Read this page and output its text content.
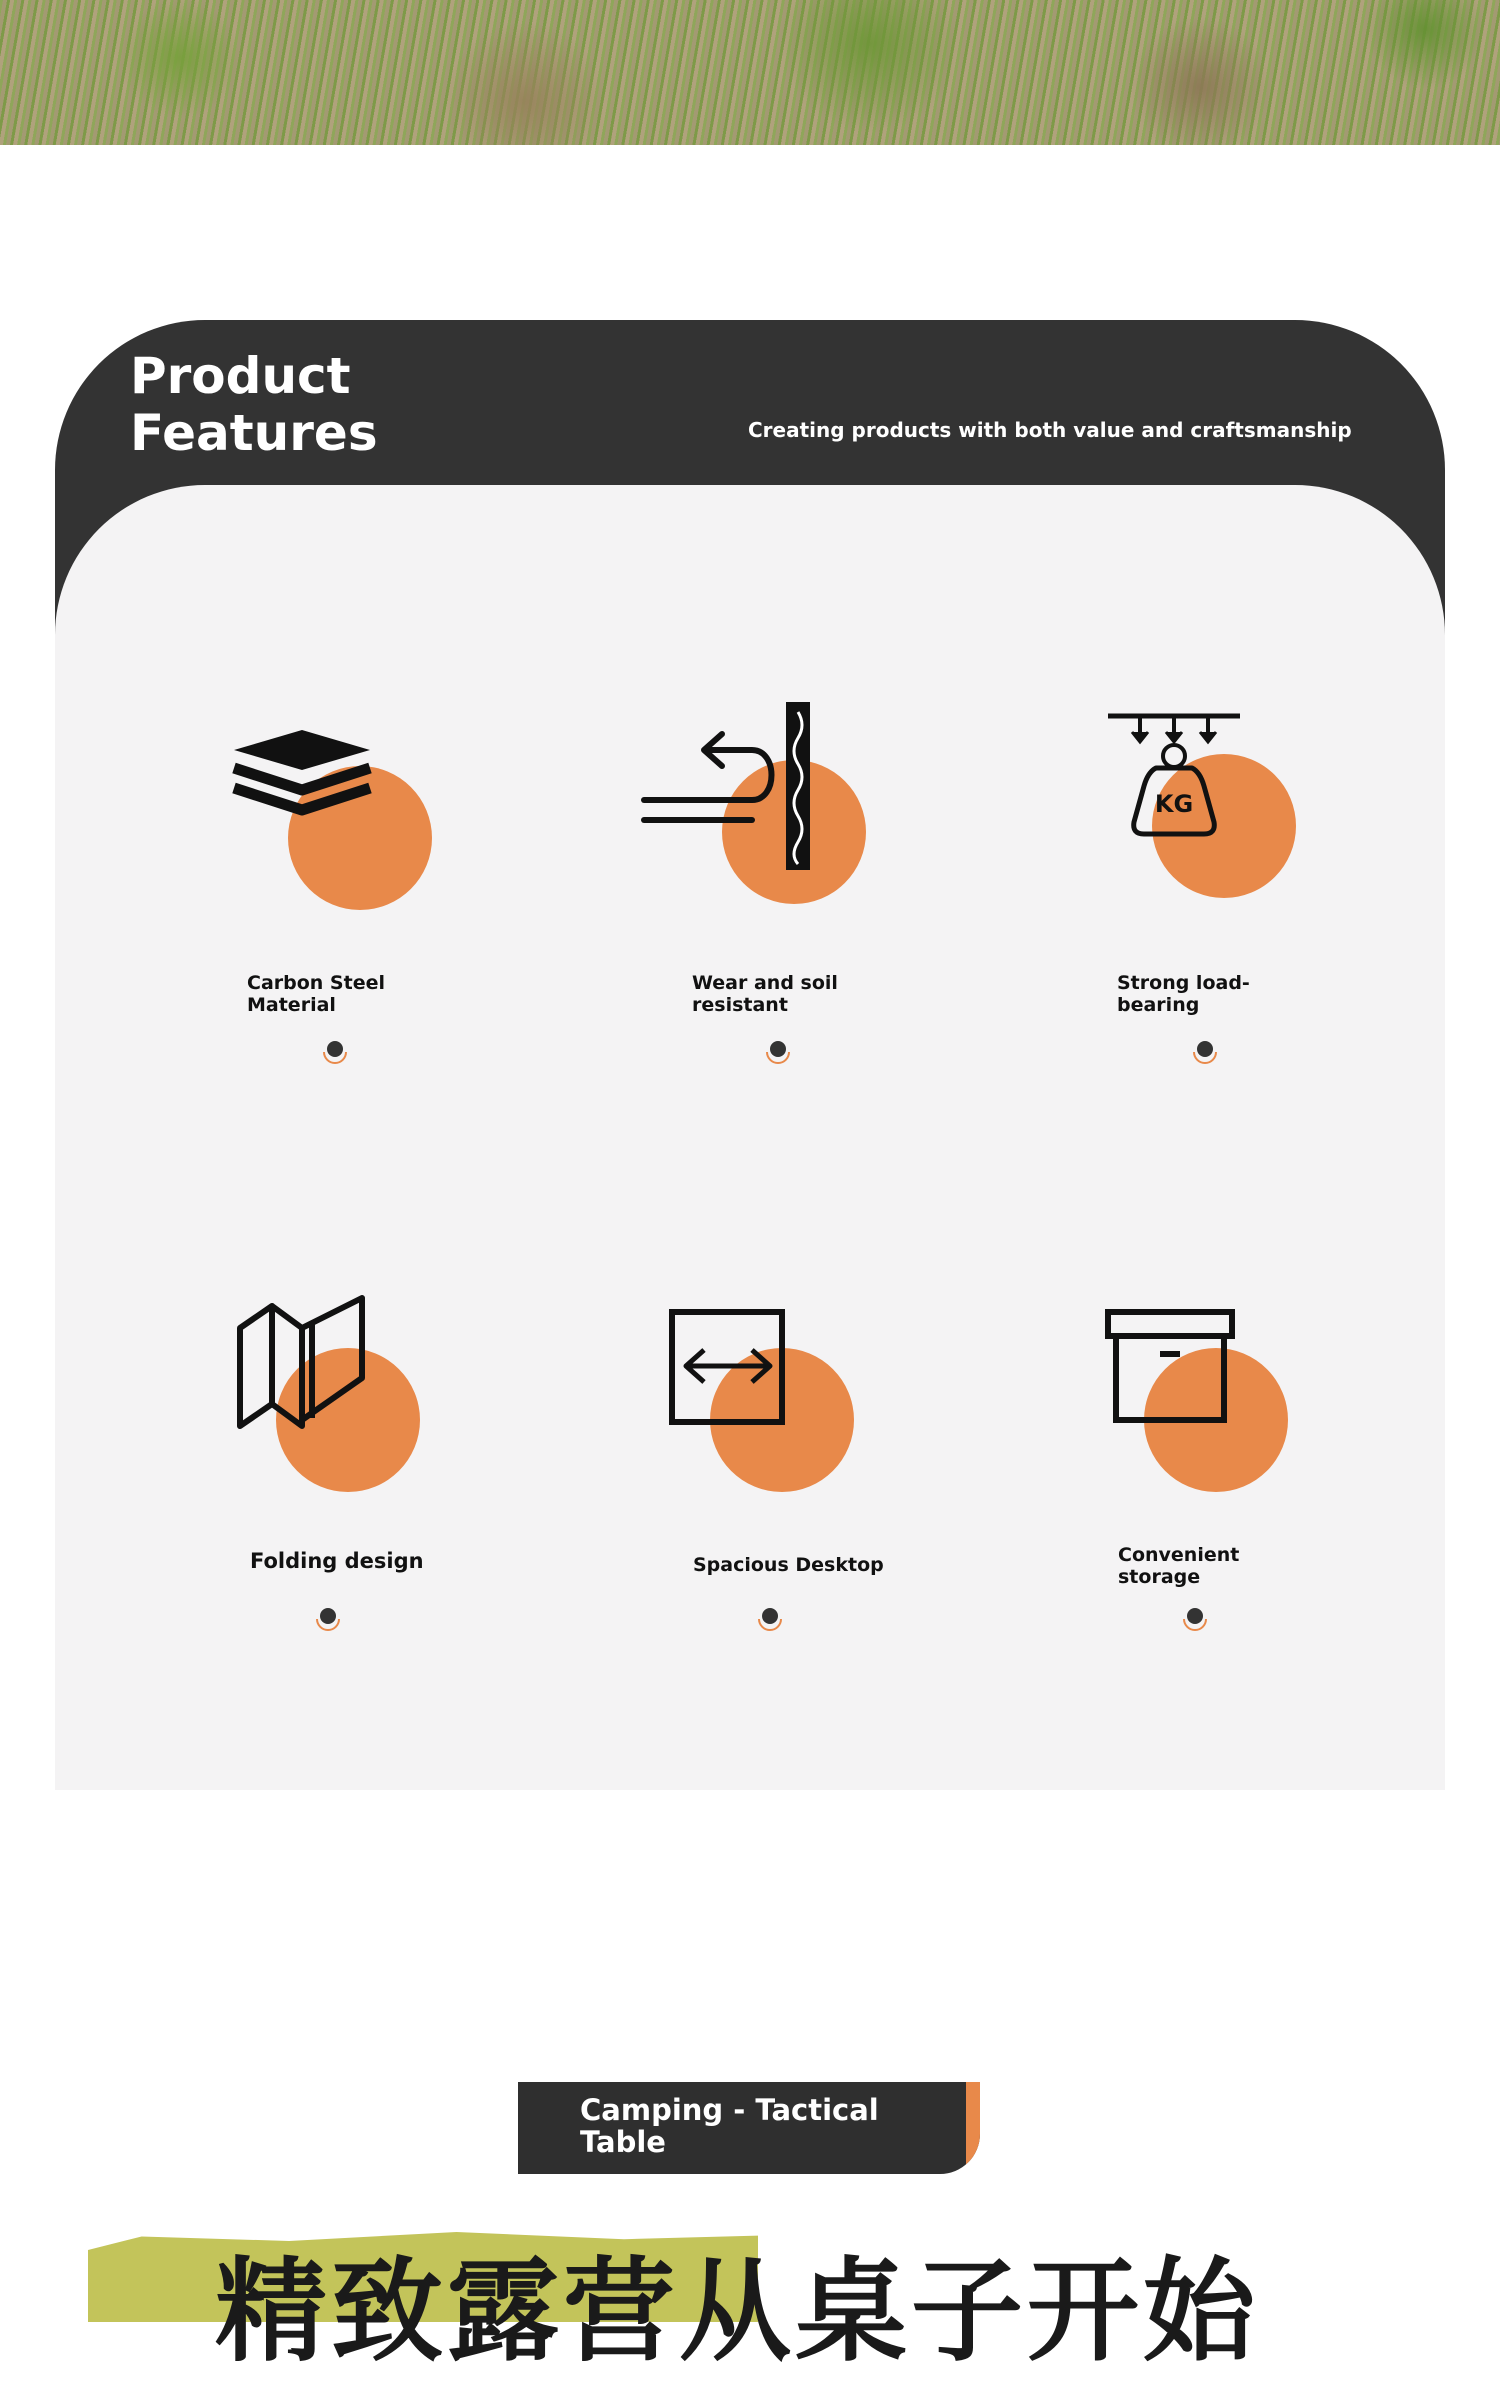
Product Features	Creating products with both value and craftsmanship
Carbon Steel Material
Wear and soil resistant
KG
Strong load-bearing
Folding design	Spacious Desktop	Convenient storage
Camping - Tactical Table
精致露营从桌子开始
